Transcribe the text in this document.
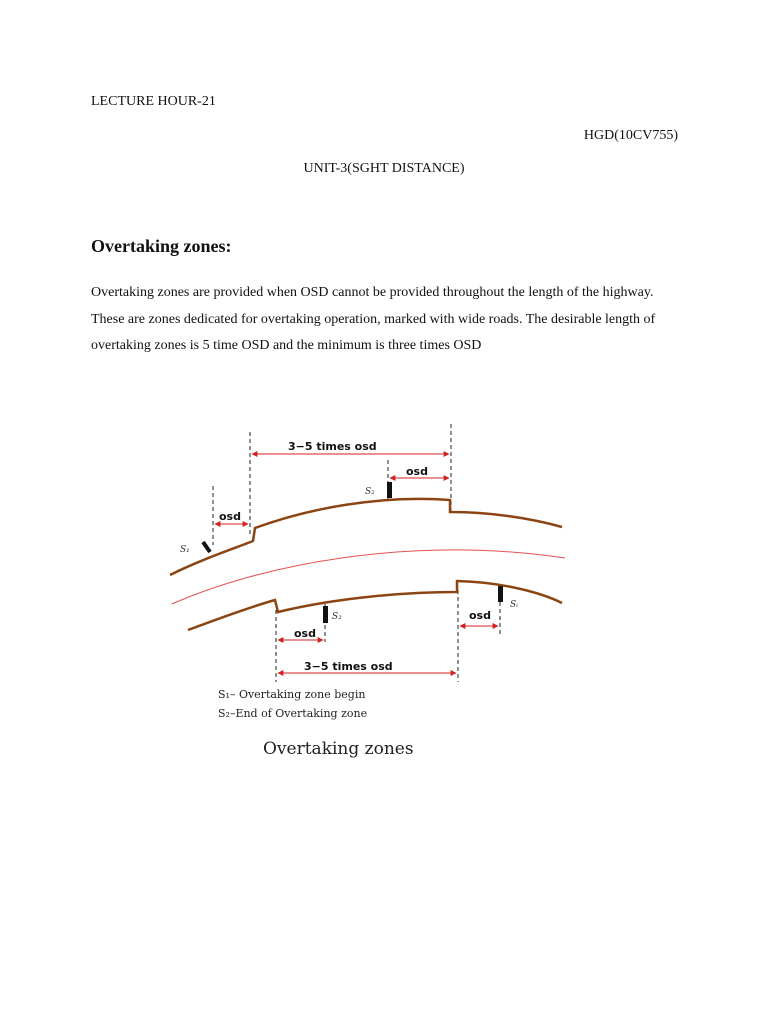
LECTURE HOUR-21
HGD(10CV755)
UNIT-3(SGHT DISTANCE)
Overtaking zones:
Overtaking zones are provided when OSD cannot be provided throughout the length of the highway. These are zones dedicated for overtaking operation, marked with wide roads. The desirable length of overtaking zones is 5 time OSD and the minimum is three times OSD
3−5 times osd
osd
osd
osd
osd
3−5 times osd
S₁
S₂
S₂
Sᵢ
S₁– Overtaking zone begin
S₂–End of Overtaking zone
Overtaking zones
